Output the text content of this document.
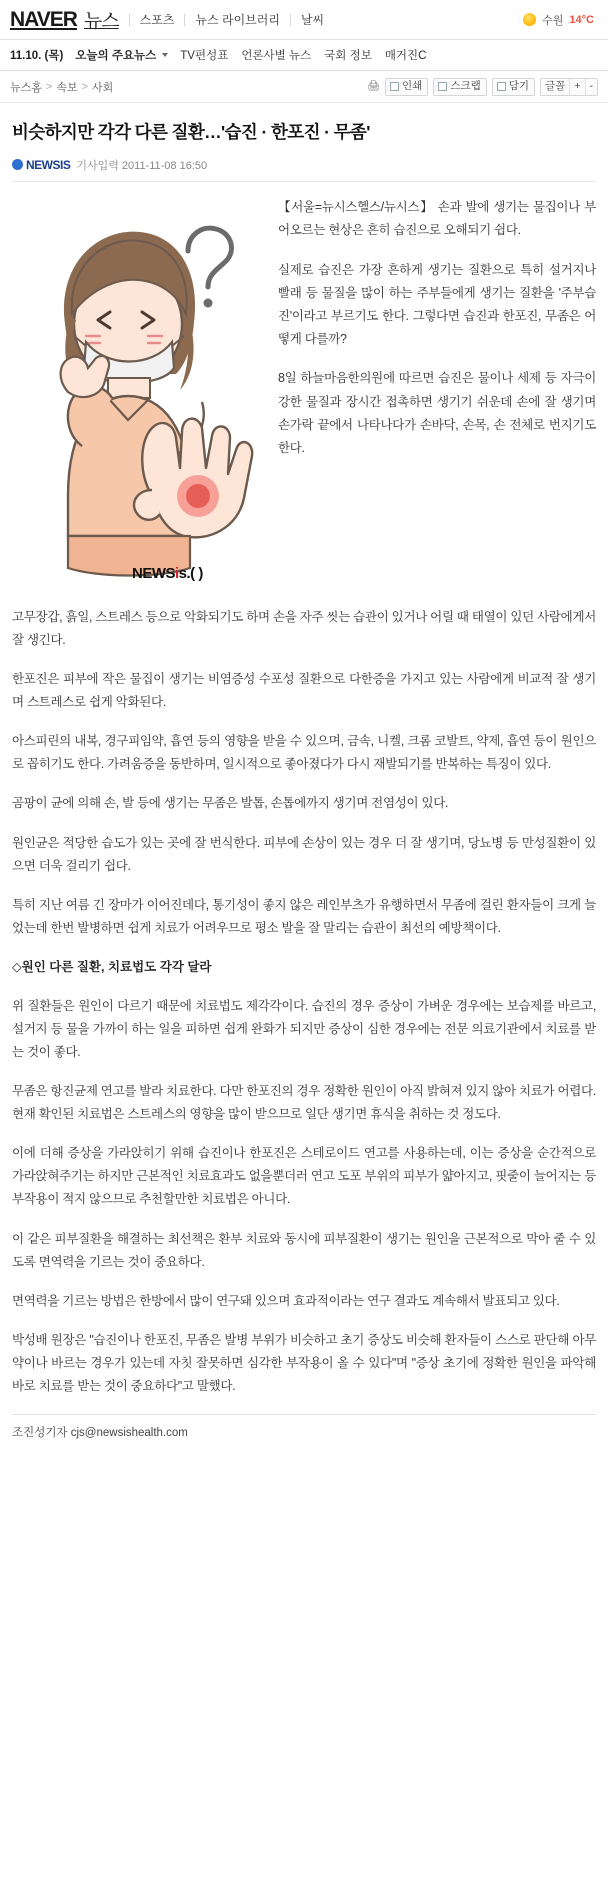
NAVER 뉴스 스포츠 뉴스 라이브러리 날씨	수원 14°C
11.10. (목) 오늘의 주요뉴스 TV편성표 언론사별 뉴스 국회 정보 매거진C
뉴스홈 > 속보 > 사회	🖨 인쇄	스크랩	담기	글꼴 + -
비슷하지만 각각 다른 질환…'습진 · 한포진 · 무좀'
NEWSIS 기사입력 2011-11-08 16:50
NEWSis.( )

【서울=뉴시스헬스/뉴시스】 손과 발에 생기는 물집이나 부어오르는 현상은 흔히 습진으로 오해되기 쉽다.

실제로 습진은 가장 흔하게 생기는 질환으로 특히 설거지나 빨래 등 물질을 많이 하는 주부들에게 생기는 질환을 '주부습진'이라고 부르기도 한다. 그렇다면 습진과 한포진, 무좀은 어떻게 다를까?

8일 하늘마음한의원에 따르면 습진은 물이나 세제 등 자극이 강한 물질과 장시간 접촉하면 생기기 쉬운데 손에 잘 생기며 손가락 끝에서 나타나다가 손바닥, 손목, 손 전체로 번지기도 한다.

고무장갑, 흙일, 스트레스 등으로 악화되기도 하며 손을 자주 씻는 습관이 있거나 어릴 때 태열이 있던 사람에게서 잘 생긴다.

한포진은 피부에 작은 물집이 생기는 비염증성 수포성 질환으로 다한증을 가지고 있는 사람에게 비교적 잘 생기며 스트레스로 쉽게 악화된다.

아스피린의 내복, 경구피임약, 흡연 등의 영향을 받을 수 있으며, 금속, 니켈, 크롬 코발트, 약제, 흡연 등이 원인으로 꼽히기도 한다. 가려움증을 동반하며, 일시적으로 좋아졌다가 다시 재발되기를 반복하는 특징이 있다.

곰팡이 균에 의해 손, 발 등에 생기는 무좀은 발톱, 손톱에까지 생기며 전염성이 있다.

원인균은 적당한 습도가 있는 곳에 잘 번식한다. 피부에 손상이 있는 경우 더 잘 생기며, 당뇨병 등 만성질환이 있으면 더욱 걸리기 쉽다.

특히 지난 여름 긴 장마가 이어진데다, 통기성이 좋지 않은 레인부츠가 유행하면서 무좀에 걸린 환자들이 크게 늘었는데 한번 발병하면 쉽게 치료가 어려우므로 평소 발을 잘 말리는 습관이 최선의 예방책이다.

◇원인 다른 질환, 치료법도 각각 달라

위 질환들은 원인이 다르기 때문에 치료법도 제각각이다. 습진의 경우 증상이 가벼운 경우에는 보습제를 바르고, 설거지 등 물을 가까이 하는 일을 피하면 쉽게 완화가 되지만 증상이 심한 경우에는 전문 의료기관에서 치료를 받는 것이 좋다.

무좀은 항진균제 연고를 발라 치료한다. 다만 한포진의 경우 정확한 원인이 아직 밝혀져 있지 않아 치료가 어렵다. 현재 확인된 치료법은 스트레스의 영향을 많이 받으므로 일단 생기면 휴식을 취하는 것 정도다.

이에 더해 증상을 가라앉히기 위해 습진이나 한포진은 스테로이드 연고를 사용하는데, 이는 증상을 순간적으로 가라앉혀주기는 하지만 근본적인 치료효과도 없을뿐더러 연고 도포 부위의 피부가 얇아지고, 핏줄이 늘어지는 등 부작용이 적지 않으므로 추천할만한 치료법은 아니다.

이 같은 피부질환을 해결하는 최선책은 환부 치료와 동시에 피부질환이 생기는 원인을 근본적으로 막아 줄 수 있도록 면역력을 기르는 것이 중요하다.

면역력을 기르는 방법은 한방에서 많이 연구돼 있으며 효과적이라는 연구 결과도 계속해서 발표되고 있다.

박성배 원장은 "습진이나 한포진, 무좀은 발병 부위가 비슷하고 초기 증상도 비슷해 환자들이 스스로 판단해 아무 약이나 바르는 경우가 있는데 자칫 잘못하면 심각한 부작용이 올 수 있다"며 "증상 초기에 정확한 원인을 파악해 바로 치료를 받는 것이 중요하다"고 말했다.

조진성기자 cjs@newsishealth.com
